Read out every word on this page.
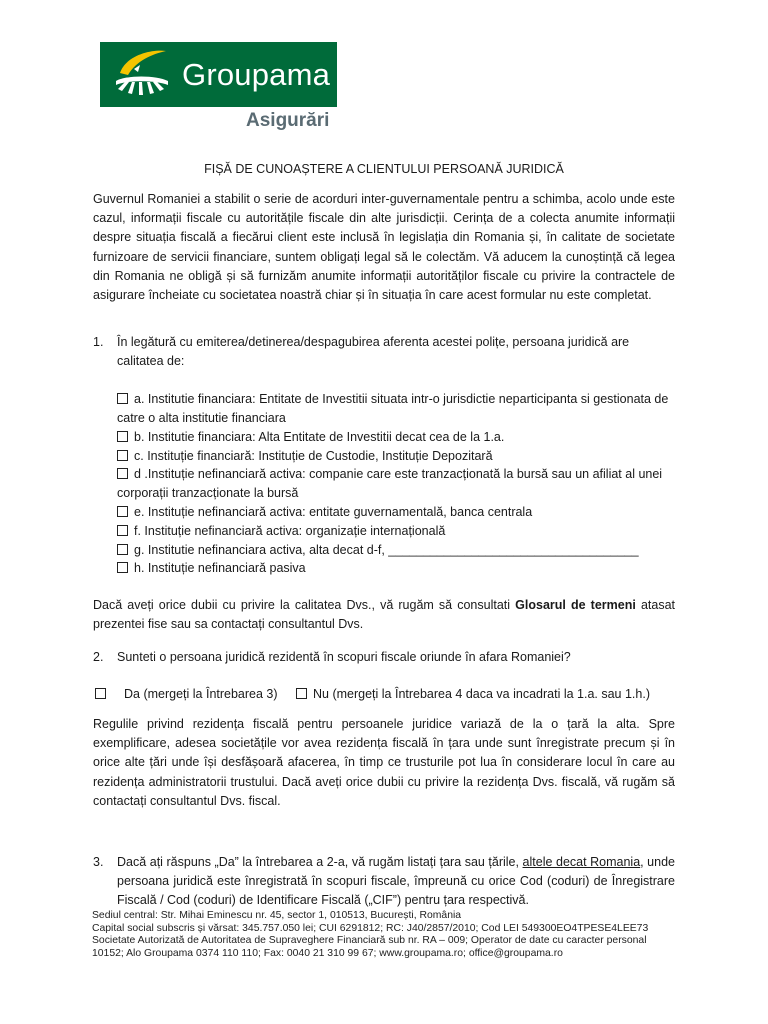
Groupama
Asigurări
FIȘĂ DE CUNOAȘTERE A CLIENTULUI PERSOANĂ JURIDICĂ
Guvernul Romaniei a stabilit o serie de acorduri inter-guvernamentale pentru a schimba, acolo unde este cazul, informații fiscale cu autoritățile fiscale din alte jurisdicții. Cerința de a colecta anumite informații despre situația fiscală a fiecărui client este inclusă în legislația din Romania și, în calitate de societate furnizoare de servicii financiare, suntem obligați legal să le colectăm. Vă aducem la cunoștință că legea din Romania ne obligă și să furnizăm anumite informații autorităților fiscale cu privire la contractele de asigurare încheiate cu societatea noastră chiar și în situația în care acest formular nu este completat.
1. În legătură cu emiterea/detinerea/despagubirea aferenta acestei polițe, persoana juridică are calitatea de:
a. Institutie financiara: Entitate de Investitii situata intr-o jurisdictie neparticipanta si gestionata de catre o alta institutie financiara
b. Institutie financiara: Alta Entitate de Investitii decat cea de la 1.a.
c. Instituție financiară: Instituție de Custodie, Instituție Depozitară
d .Instituție nefinanciară activa: companie care este tranzacționată la bursă sau un afiliat al unei corporații tranzacționate la bursă
e. Instituție nefinanciară activa: entitate guvernamentală, banca centrala
f. Instituție nefinanciară activa: organizație internațională
g. Institutie nefinanciara activa, alta decat d-f, ____________________________________
h. Instituție nefinanciară pasiva
Dacă aveți orice dubii cu privire la calitatea Dvs., vă rugăm să consultati Glosarul de termeni atasat prezentei fise sau sa contactați consultantul Dvs.
2. Sunteti o persoana juridică rezidentă în scopuri fiscale oriunde în afara Romaniei?
Da (mergeți la Întrebarea 3)	Nu (mergeți la Întrebarea 4 daca va incadrati la 1.a. sau 1.h.)
Regulile privind rezidența fiscală pentru persoanele juridice variază de la o țară la alta. Spre exemplificare, adesea societățile vor avea rezidența fiscală în țara unde sunt înregistrate precum și în orice alte țări unde își desfășoară afacerea, în timp ce trusturile pot lua în considerare locul în care au rezidența administratorii trustului. Dacă aveți orice dubii cu privire la rezidența Dvs. fiscală, vă rugăm să contactați consultantul Dvs. fiscal.
3. Dacă ați răspuns „Da” la întrebarea a 2-a, vă rugăm listați țara sau țările, altele decat Romania, unde persoana juridică este înregistrată în scopuri fiscale, împreună cu orice Cod (coduri) de Înregistrare Fiscală / Cod (coduri) de Identificare Fiscală („CIF”) pentru țara respectivă.
Sediul central: Str. Mihai Eminescu nr. 45, sector 1, 010513, București, România
Capital social subscris și vărsat: 345.757.050 lei; CUI 6291812; RC: J40/2857/2010; Cod LEI 549300EO4TPESE4LEE73
Societate Autorizată de Autoritatea de Supraveghere Financiară sub nr. RA – 009; Operator de date cu caracter personal
10152; Alo Groupama 0374 110 110; Fax: 0040 21 310 99 67; www.groupama.ro; office@groupama.ro
